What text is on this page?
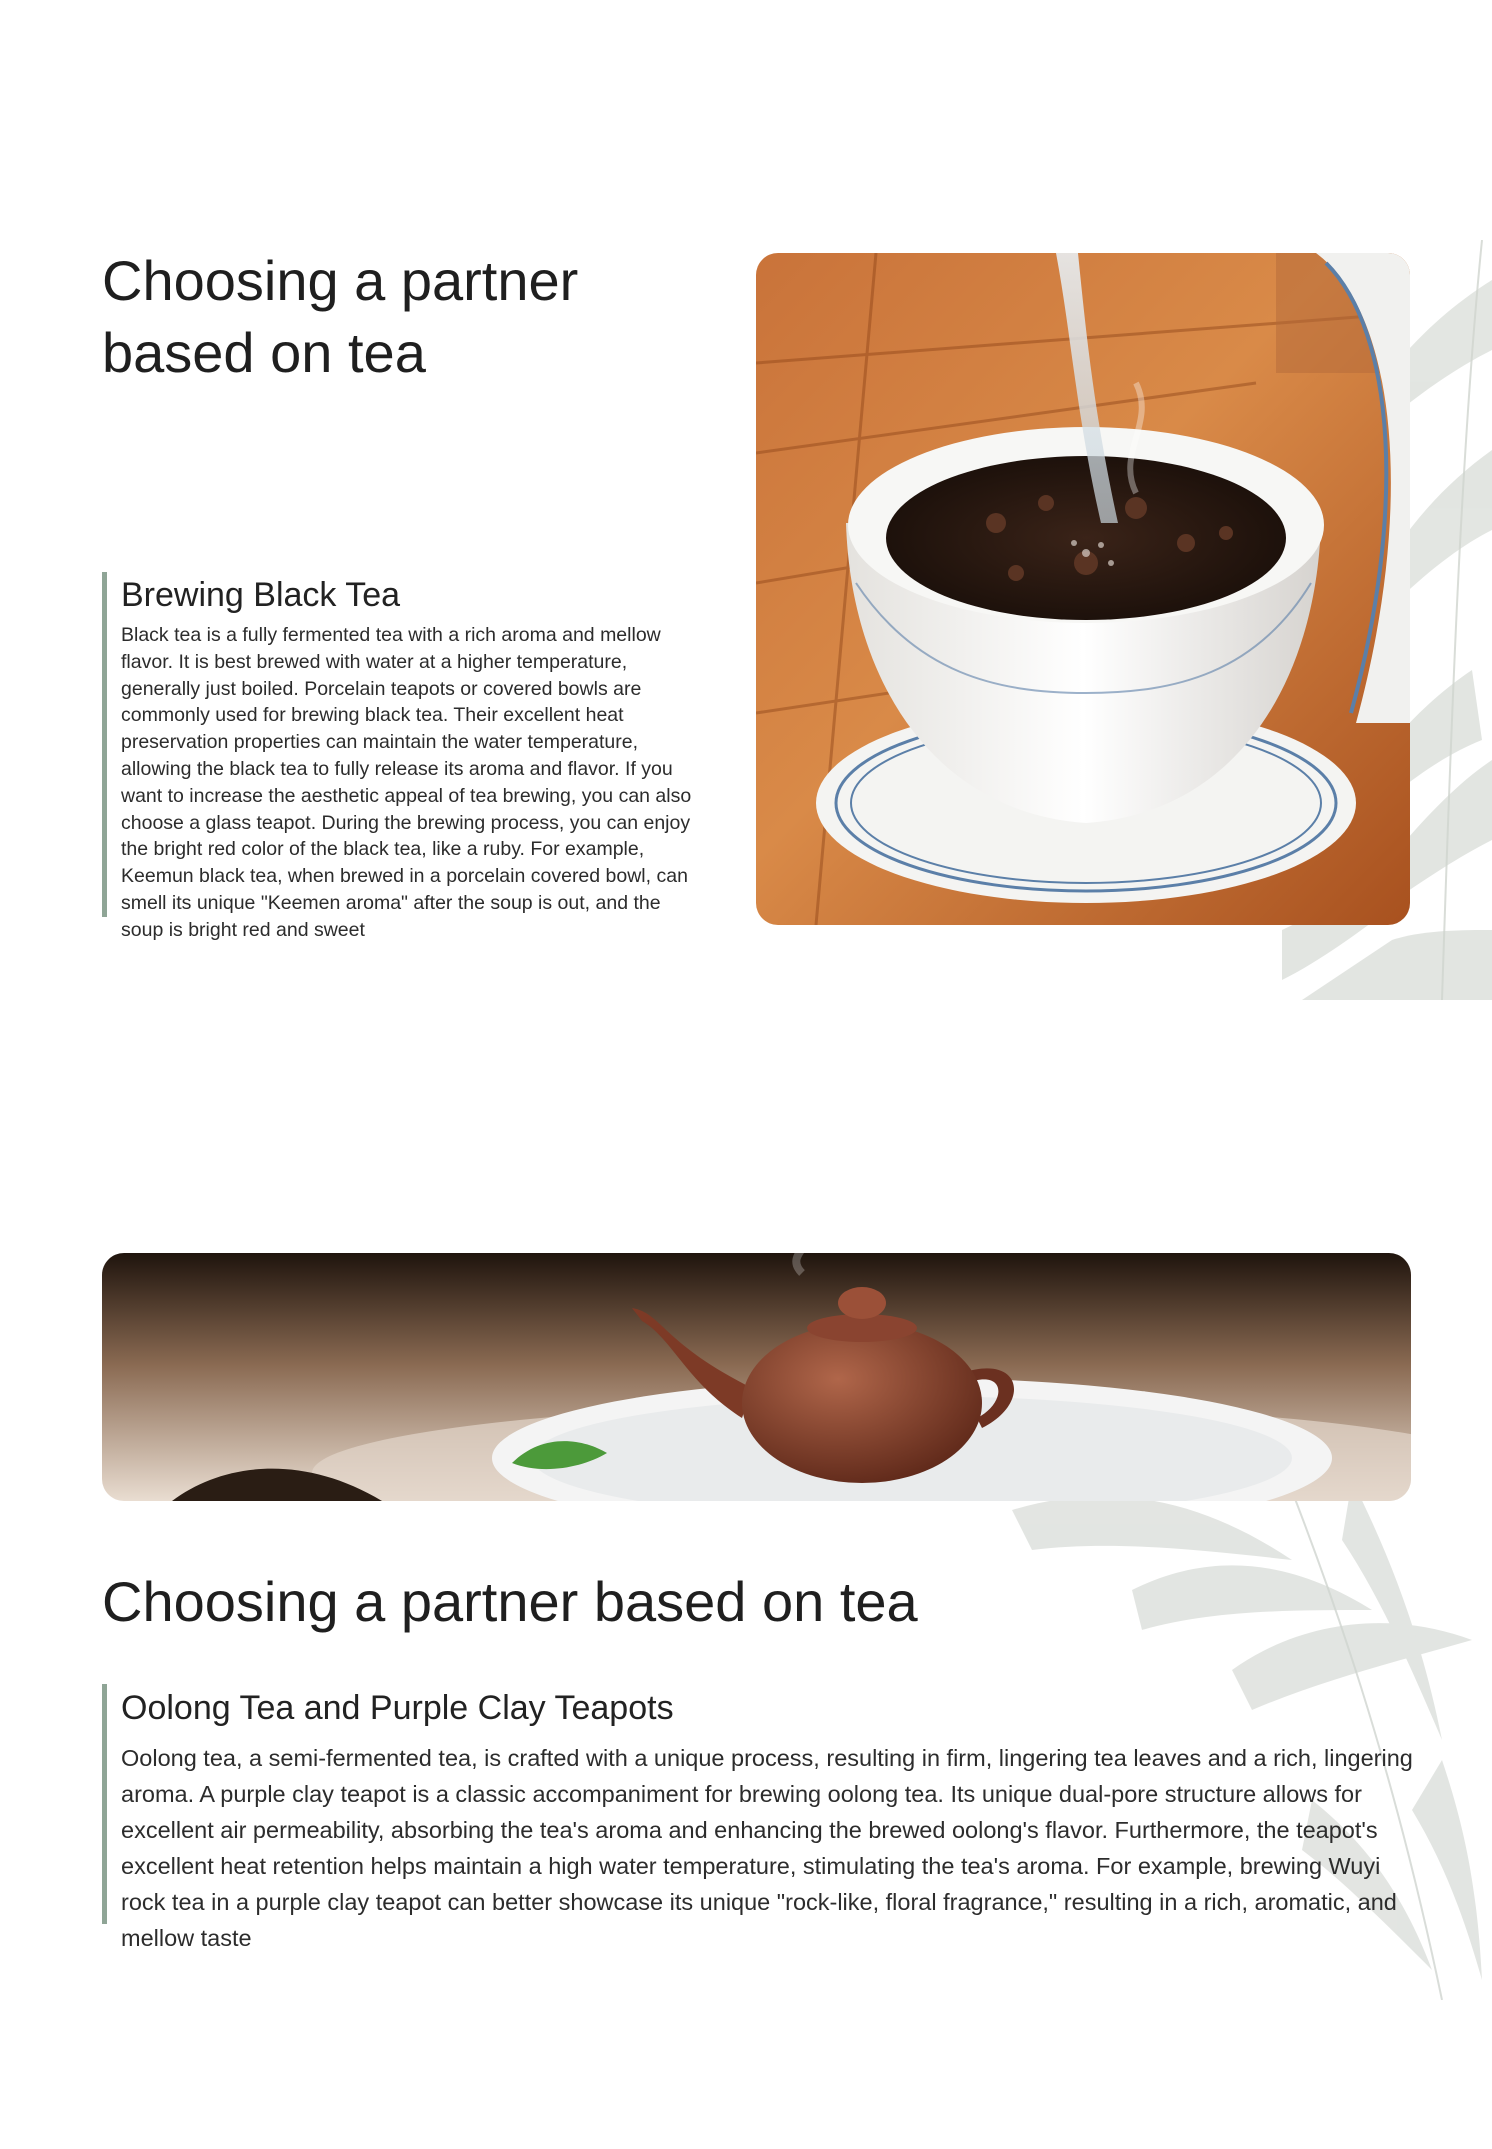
Choosing a partner based on tea
Brewing Black Tea

Black tea is a fully fermented tea with a rich aroma and mellow flavor. It is best brewed with water at a higher temperature, generally just boiled. Porcelain teapots or covered bowls are commonly used for brewing black tea. Their excellent heat preservation properties can maintain the water temperature, allowing the black tea to fully release its aroma and flavor. If you want to increase the aesthetic appeal of tea brewing, you can also choose a glass teapot. During the brewing process, you can enjoy the bright red color of the black tea, like a ruby. For example, Keemun black tea, when brewed in a porcelain covered bowl, can smell its unique "Keemen aroma" after the soup is out, and the soup is bright red and sweet

Choosing a partner based on tea
Oolong Tea and Purple Clay Teapots

Oolong tea, a semi-fermented tea, is crafted with a unique process, resulting in firm, lingering tea leaves and a rich, lingering aroma. A purple clay teapot is a classic accompaniment for brewing oolong tea. Its unique dual-pore structure allows for excellent air permeability, absorbing the tea's aroma and enhancing the brewed oolong's flavor. Furthermore, the teapot's excellent heat retention helps maintain a high water temperature, stimulating the tea's aroma. For example, brewing Wuyi rock tea in a purple clay teapot can better showcase its unique "rock-like, floral fragrance," resulting in a rich, aromatic, and mellow taste
